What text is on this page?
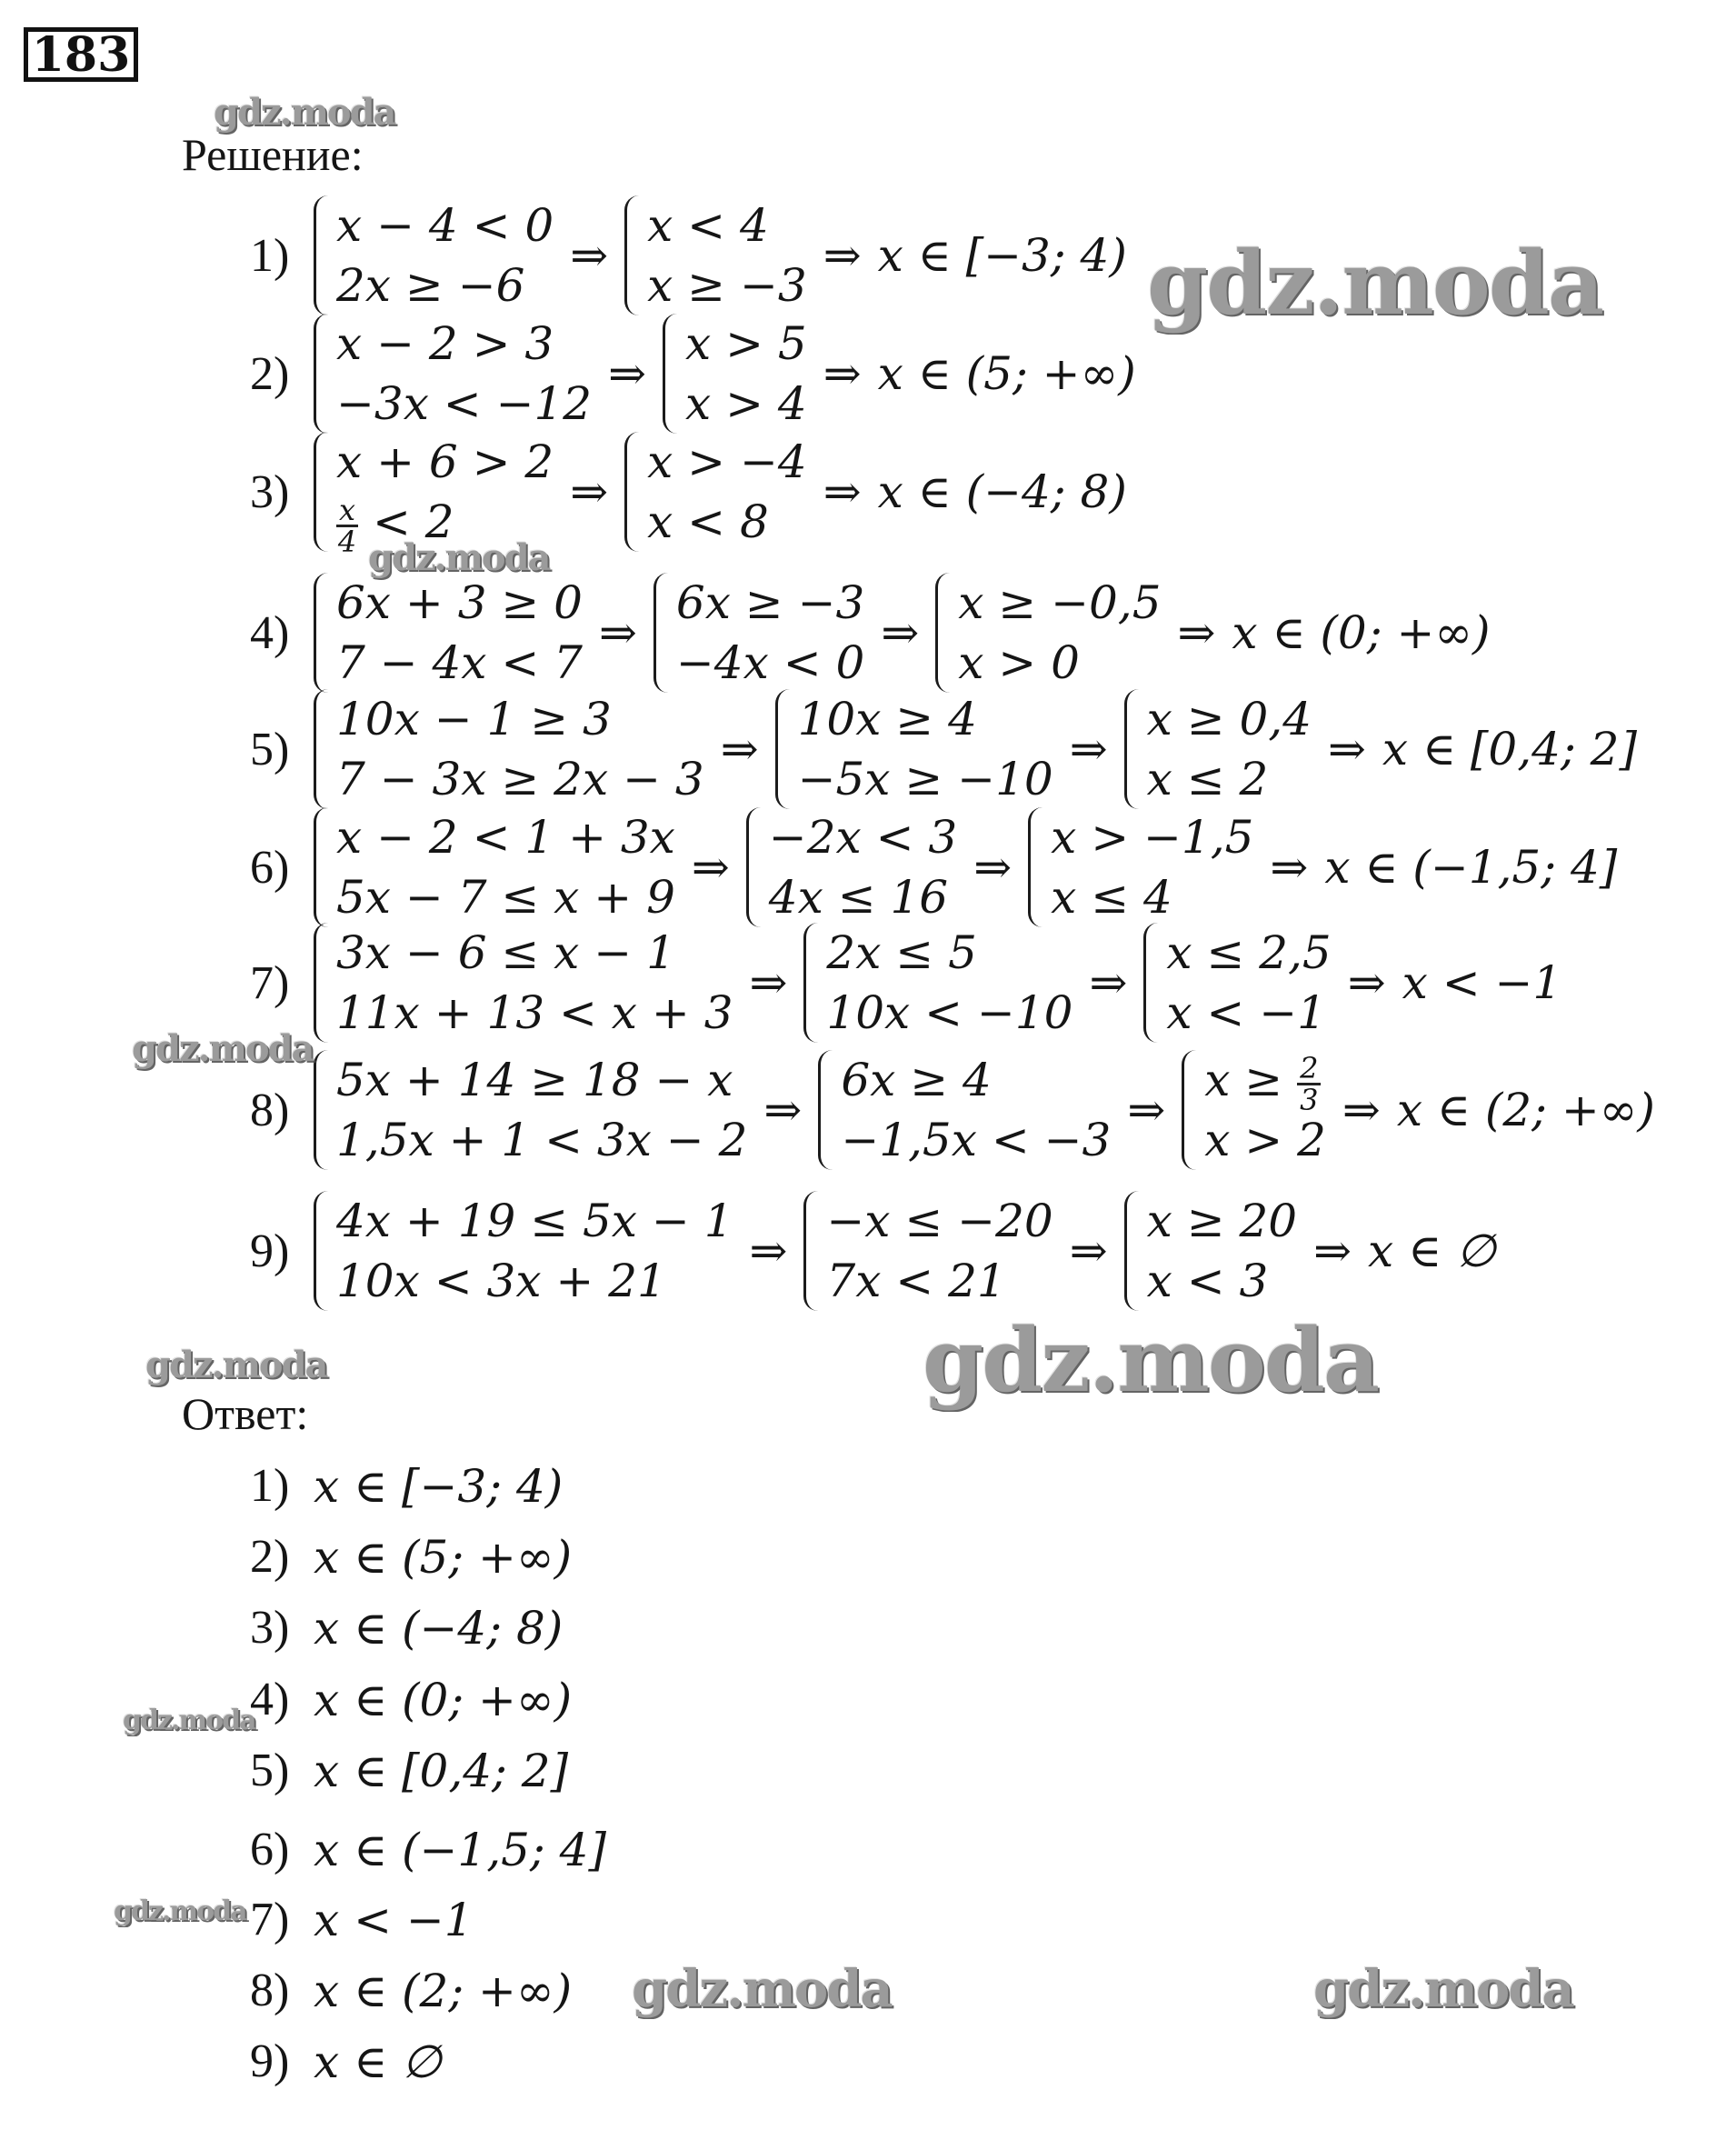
183
Решение:
1)
x − 4 < 0
2x ≥ −6
⇒
x < 4
x ≥ −3
⇒ x ∈ [−3; 4)
2)
x − 2 > 3
−3x < −12
⇒
x > 5
x > 4
⇒ x ∈ (5; +∞)
3)
x + 6 > 2
$\frac{x}{4} < 2$
⇒
x > −4
x < 8
⇒ x ∈ (−4; 8)
4)
6x + 3 ≥ 0
7 − 4x < 7
⇒
6x ≥ −3
−4x < 0
⇒
x ≥ −0,5
x > 0
⇒ x ∈ (0; +∞)
5)
10x − 1 ≥ 3
7 − 3x ≥ 2x − 3
⇒
10x ≥ 4
−5x ≥ −10
⇒
x ≥ 0,4
x ≤ 2
⇒ x ∈ [0,4; 2]
6)
x − 2 < 1 + 3x
5x − 7 ≤ x + 9
⇒
−2x < 3
4x ≤ 16
⇒
x > −1,5
x ≤ 4
⇒ x ∈ (−1,5; 4]
7)
3x − 6 ≤ x − 1
11x + 13 < x + 3
⇒
2x ≤ 5
10x < −10
⇒
x ≤ 2,5
x < −1
⇒ x < −1
8)
5x + 14 ≥ 18 − x
1,5x + 1 < 3x − 2
⇒
6x ≥ 4
−1,5x < −3
⇒
$x \ge \frac{2}{3}$
x > 2
⇒ x ∈ (2; +∞)
9)
4x + 19 ≤ 5x − 1
10x < 3x + 21
⇒
−x ≤ −20
7x < 21
⇒
x ≥ 20
x < 3
⇒ x ∈ ∅
Ответ:
1) x ∈ [−3; 4)
2) x ∈ (5; +∞)
3) x ∈ (−4; 8)
4) x ∈ (0; +∞)
5) x ∈ [0,4; 2]
6) x ∈ (−1,5; 4]
7) x < −1
8) x ∈ (2; +∞)
9) x ∈ ∅
gdz.moda
gdz.moda
gdz.moda
gdz.moda
gdz.moda	gdz.moda
gdz.moda
gdz.moda
gdz.moda	gdz.moda
